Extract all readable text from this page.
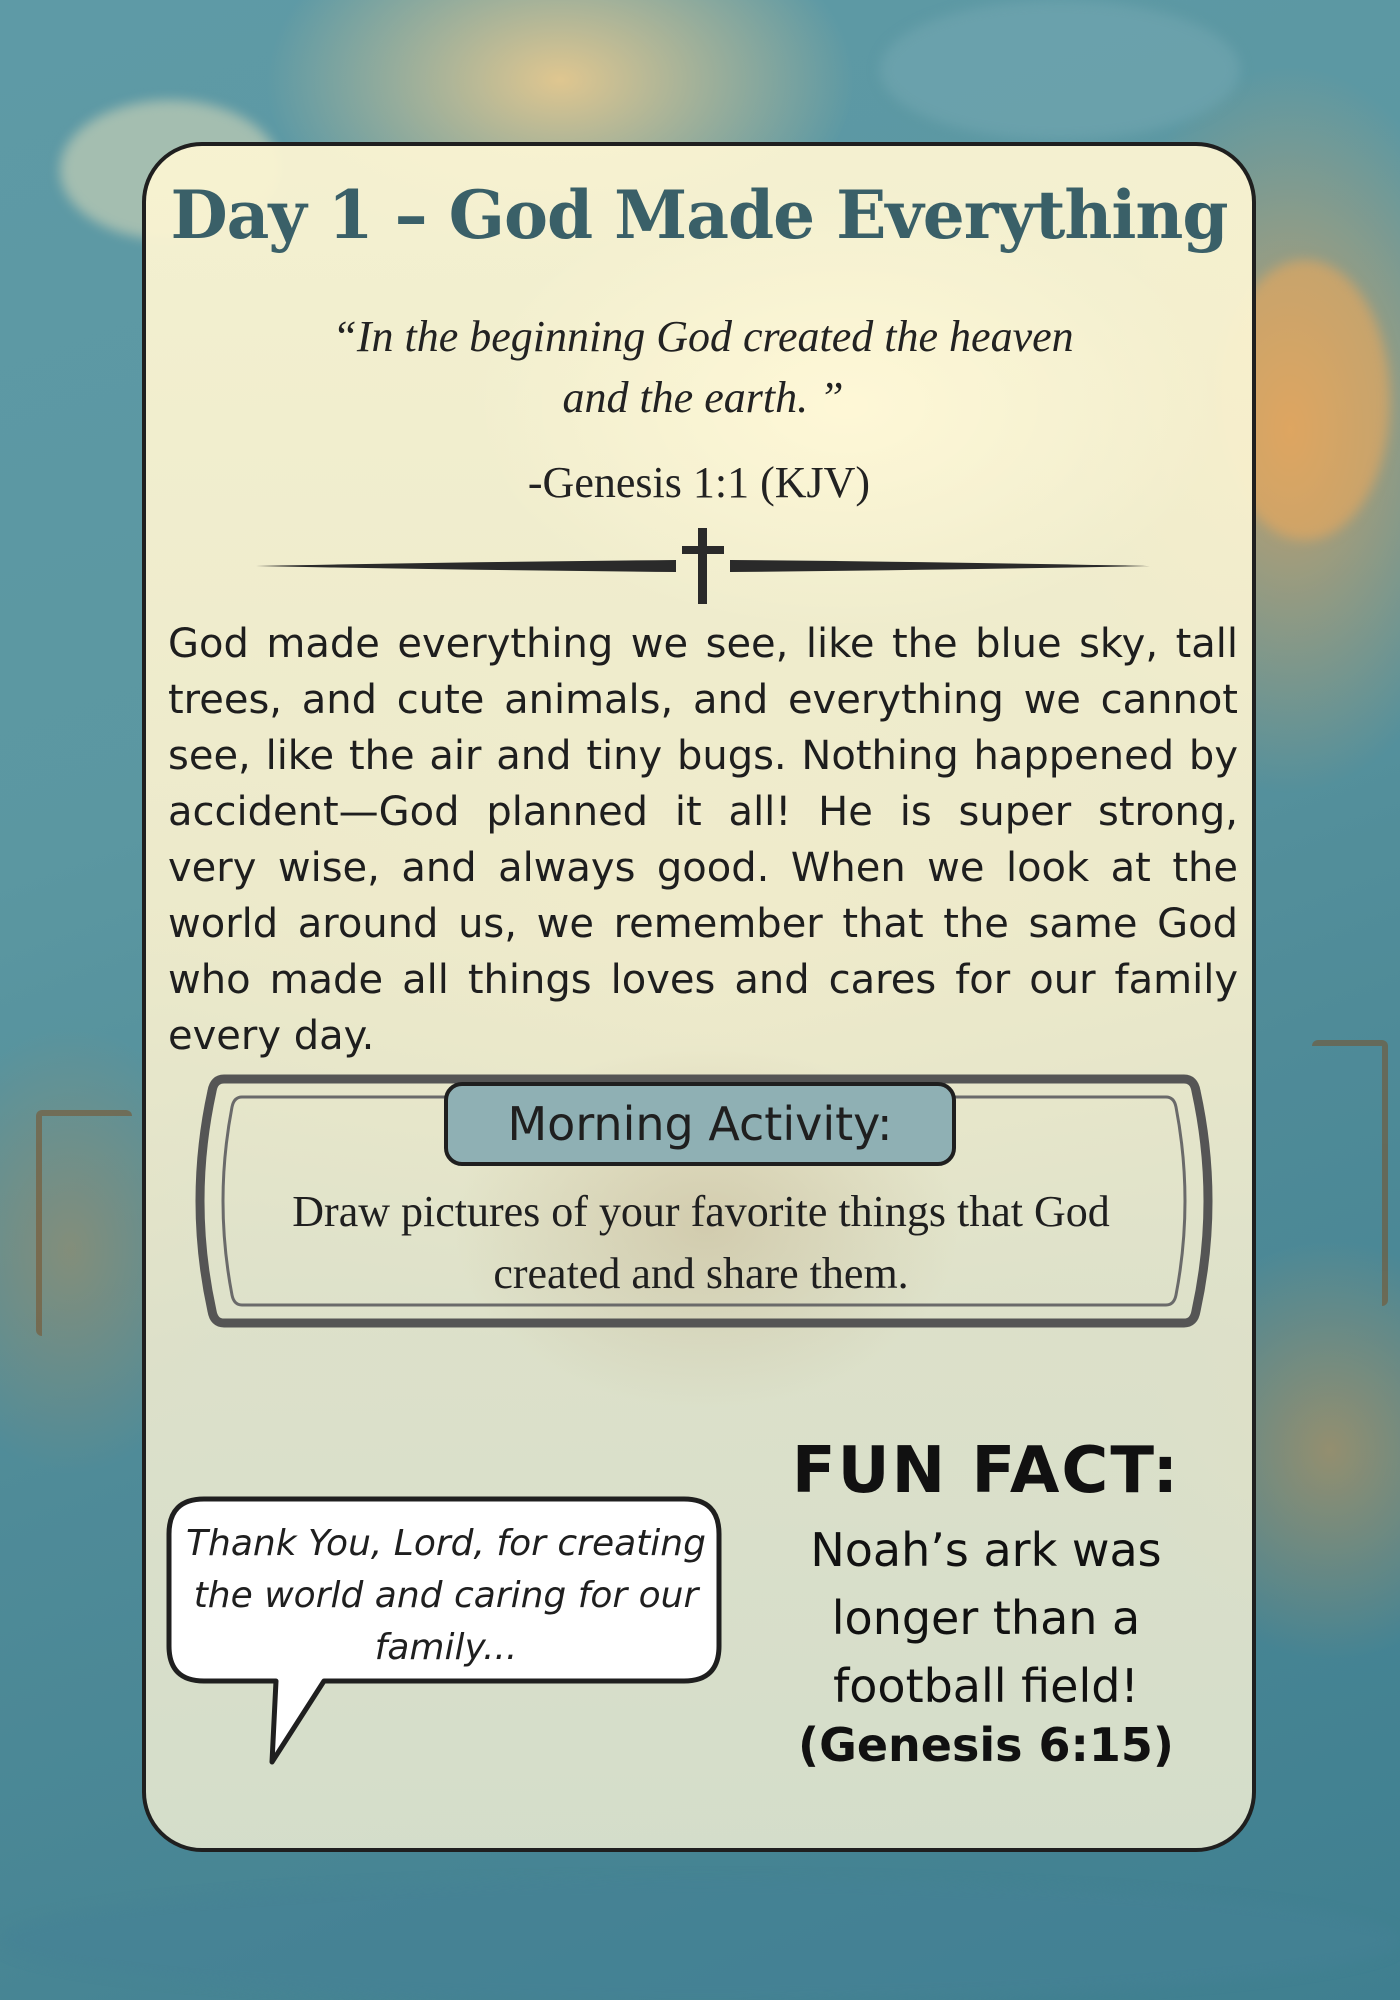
Day 1 – God Made Everything
“In the beginning God created the heaven and the earth. ”
-Genesis 1:1 (KJV)
God made everything we see, like the blue sky, tall trees, and cute animals, and everything we cannot see, like the air and tiny bugs. Nothing happened by accident—God planned it all! He is super strong, very wise, and always good. When we look at the world around us, we remember that the same God who made all things loves and cares for our family every day.
Morning Activity:
Draw pictures of your favorite things that God created and share them.
Thank You, Lord, for creating the world and caring for our family...
FUN FACT:
Noah’s ark was longer than a football field!
(Genesis 6:15)
